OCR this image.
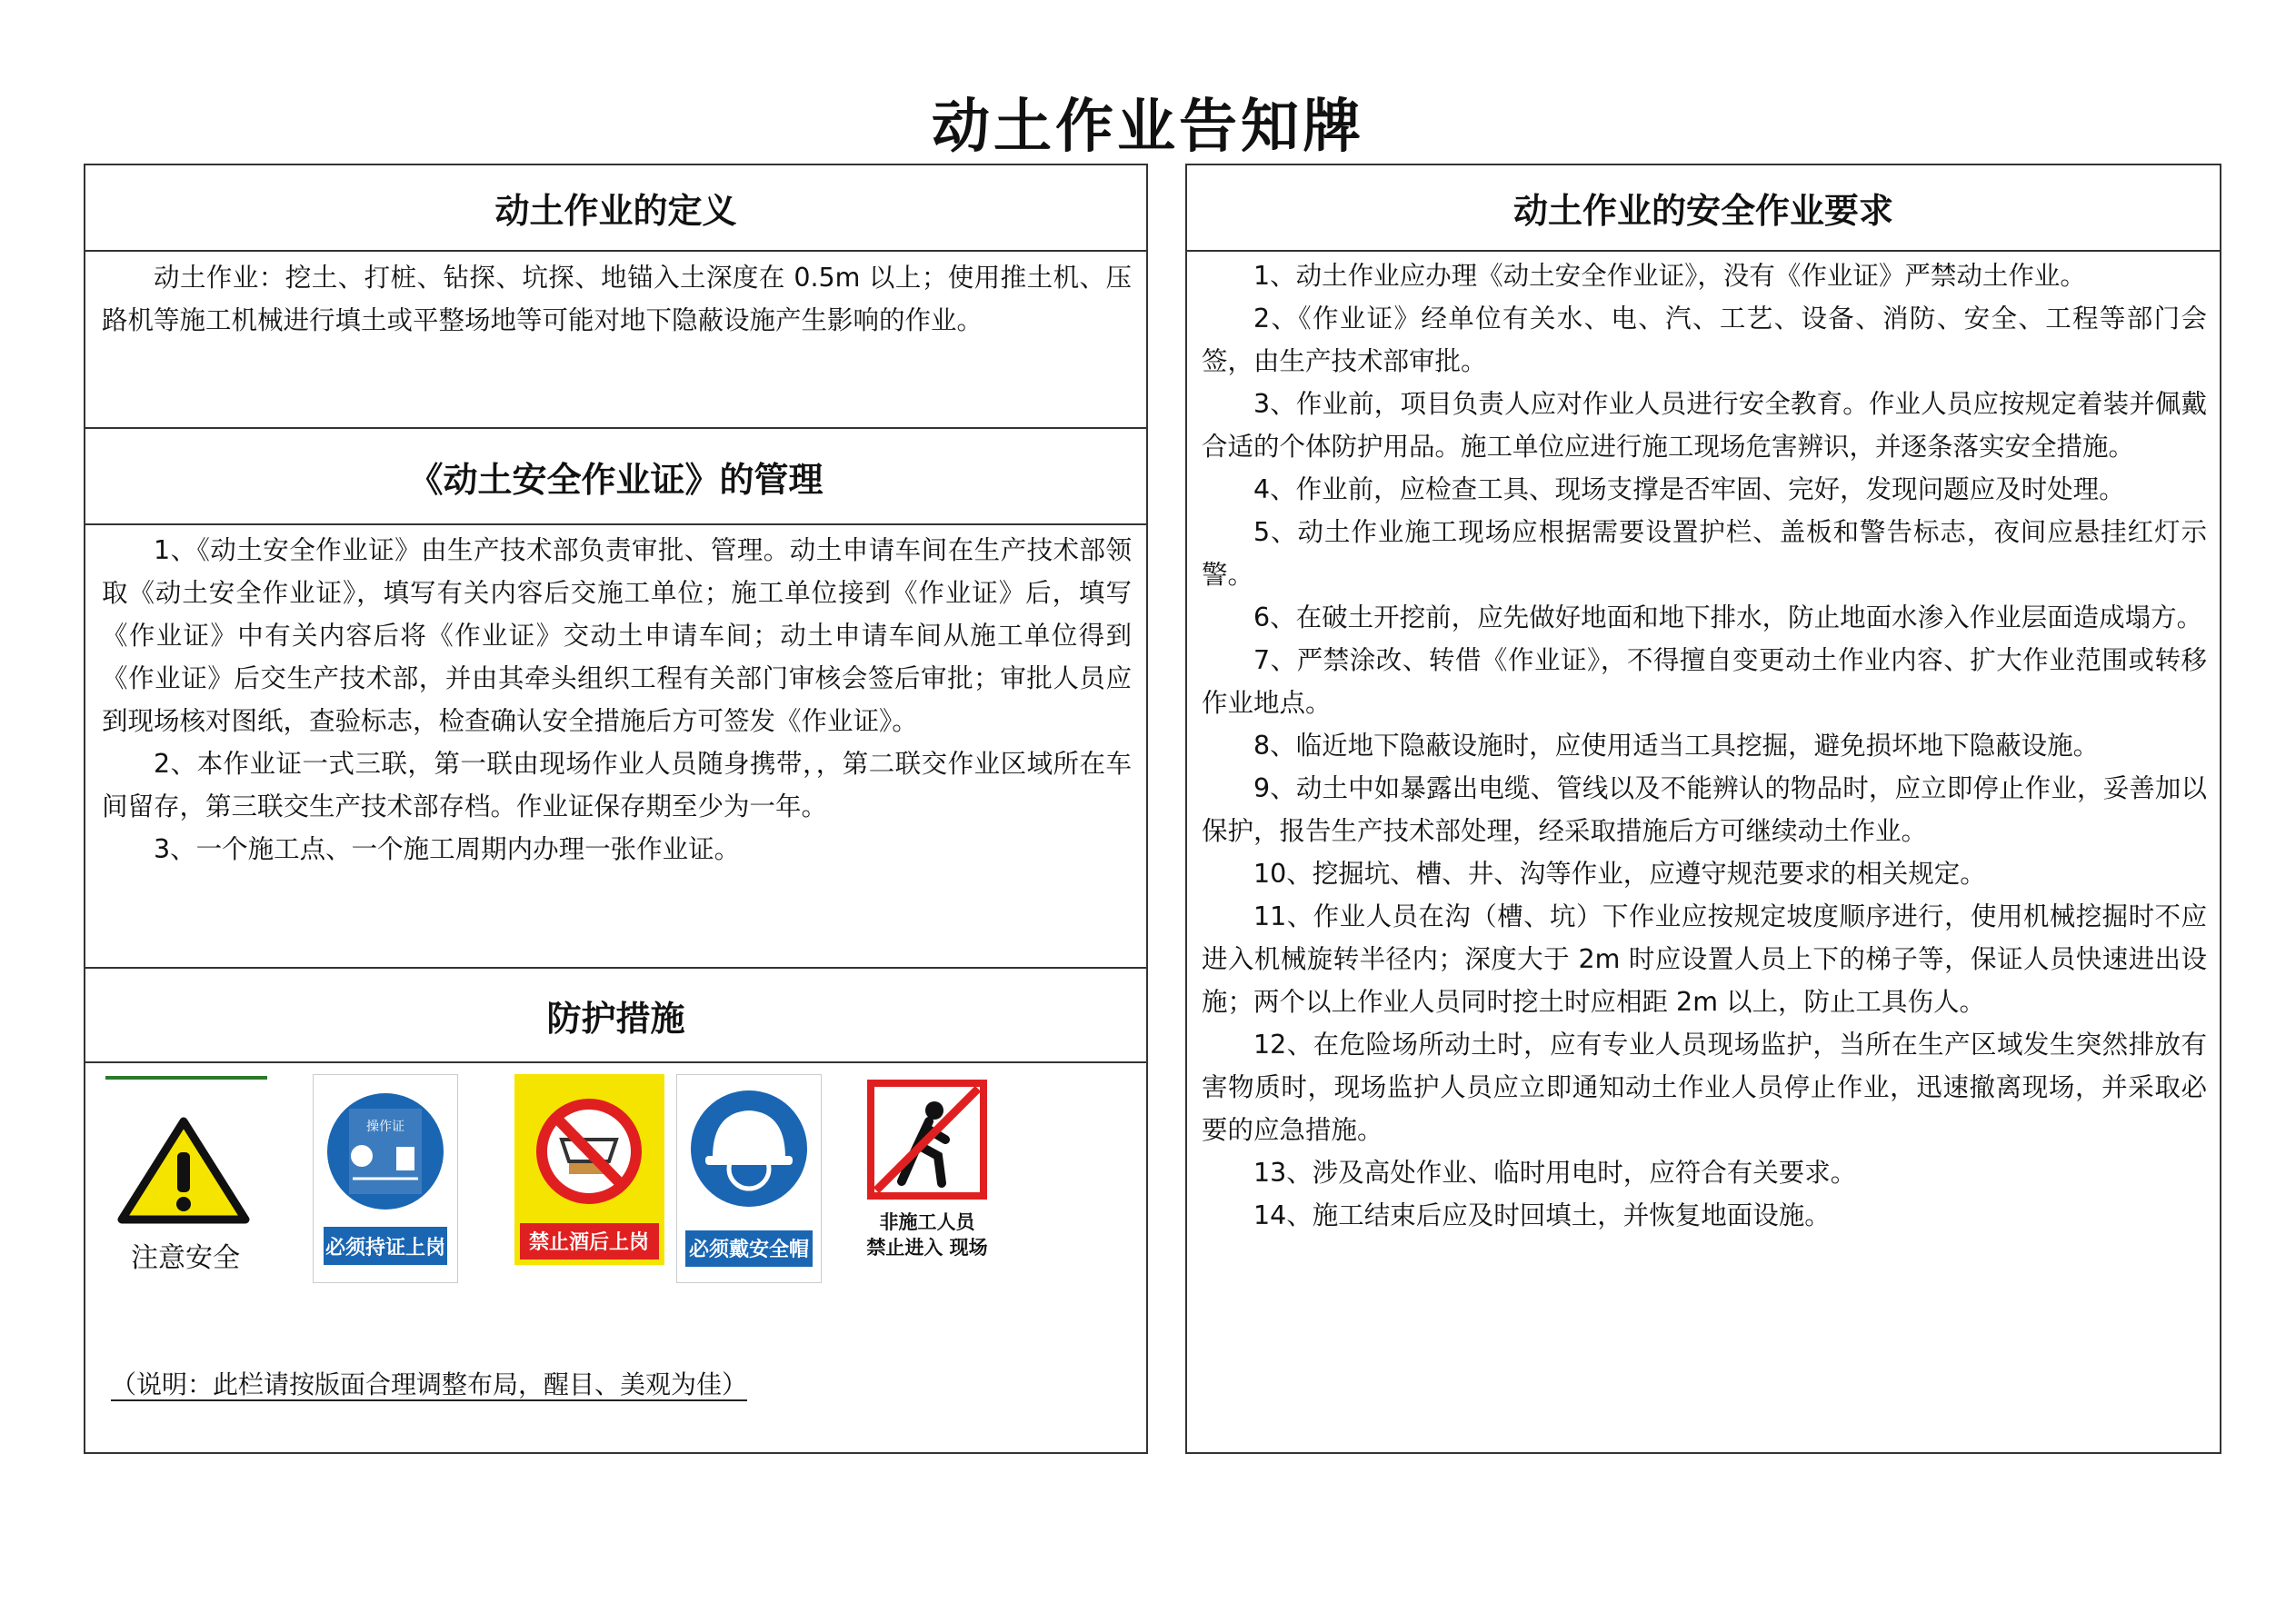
动土作业告知牌
动土作业的定义

动土作业：挖土、打桩、钻探、坑探、地锚入土深度在 0.5m 以上；使用推土机、压路机等施工机械进行填土或平整场地等可能对地下隐蔽设施产生影响的作业。

《动土安全作业证》的管理

1、《动土安全作业证》由生产技术部负责审批、管理。动土申请车间在生产技术部领取《动土安全作业证》，填写有关内容后交施工单位；施工单位接到《作业证》后，填写《作业证》中有关内容后将《作业证》交动土申请车间；动土申请车间从施工单位得到《作业证》后交生产技术部，并由其牵头组织工程有关部门审核会签后审批；审批人员应到现场核对图纸，查验标志，检查确认安全措施后方可签发《作业证》。

2、本作业证一式三联，第一联由现场作业人员随身携带，，第二联交作业区域所在车间留存，第三联交生产技术部存档。作业证保存期至少为一年。

3、一个施工点、一个施工周期内办理一张作业证。

防护措施
注意安全
操作证
必须持证上岗	禁止酒后上岗 必须戴安全帽
非施工人员
禁止进入 现场
（说明：此栏请按版面合理调整布局，醒目、美观为佳）
动土作业的安全作业要求

1、动土作业应办理《动土安全作业证》，没有《作业证》严禁动土作业。

2、《作业证》经单位有关水、电、汽、工艺、设备、消防、安全、工程等部门会签，由生产技术部审批。

3、作业前，项目负责人应对作业人员进行安全教育。作业人员应按规定着装并佩戴合适的个体防护用品。施工单位应进行施工现场危害辨识，并逐条落实安全措施。

4、作业前，应检查工具、现场支撑是否牢固、完好，发现问题应及时处理。

5、动土作业施工现场应根据需要设置护栏、盖板和警告标志，夜间应悬挂红灯示警。

6、在破土开挖前，应先做好地面和地下排水，防止地面水渗入作业层面造成塌方。

7、严禁涂改、转借《作业证》，不得擅自变更动土作业内容、扩大作业范围或转移作业地点。

8、临近地下隐蔽设施时，应使用适当工具挖掘，避免损坏地下隐蔽设施。

9、动土中如暴露出电缆、管线以及不能辨认的物品时，应立即停止作业，妥善加以保护，报告生产技术部处理，经采取措施后方可继续动土作业。

10、挖掘坑、槽、井、沟等作业，应遵守规范要求的相关规定。

11、作业人员在沟（槽、坑）下作业应按规定坡度顺序进行，使用机械挖掘时不应进入机械旋转半径内；深度大于 2m 时应设置人员上下的梯子等，保证人员快速进出设施；两个以上作业人员同时挖土时应相距 2m 以上，防止工具伤人。

12、在危险场所动土时，应有专业人员现场监护，当所在生产区域发生突然排放有害物质时，现场监护人员应立即通知动土作业人员停止作业，迅速撤离现场，并采取必要的应急措施。

13、涉及高处作业、临时用电时，应符合有关要求。

14、施工结束后应及时回填土，并恢复地面设施。
